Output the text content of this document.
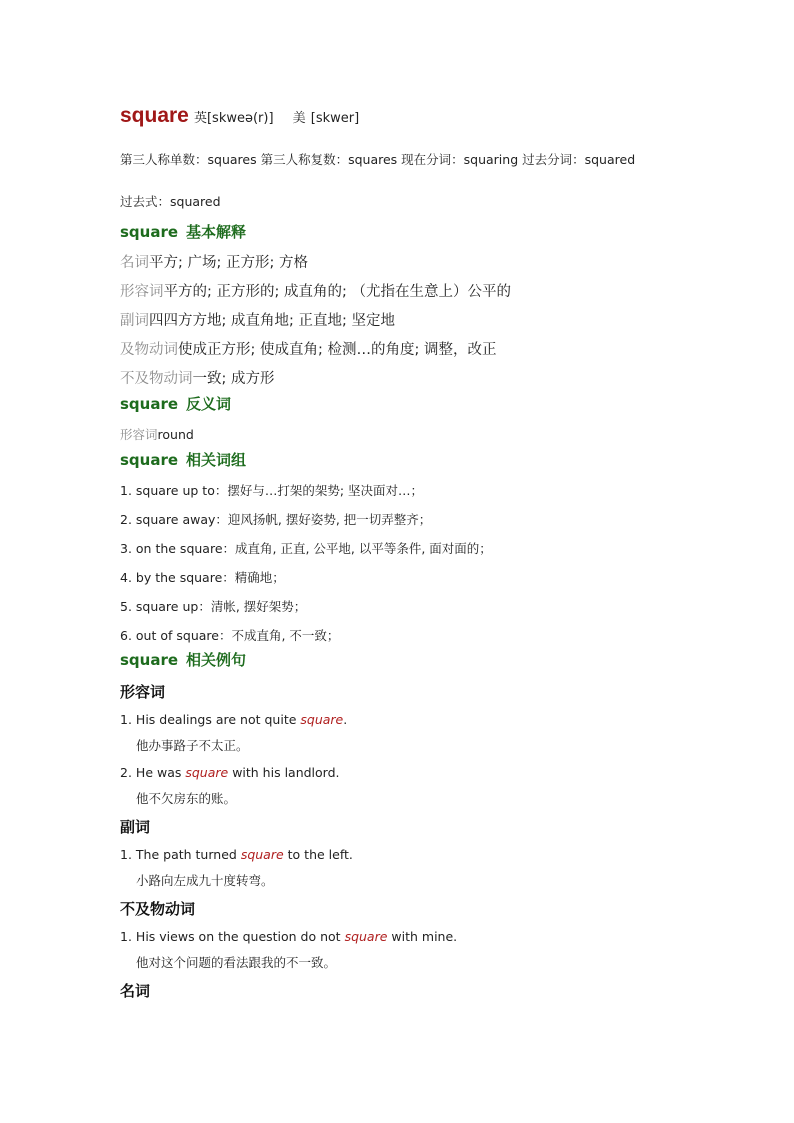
square 英[skweə(r)] 美 [skwer]
第三人称单数：squares 第三人称复数：squares 现在分词：squaring 过去分词：squared
过去式：squared
square 基本解释
名词平方; 广场; 正方形; 方格
形容词平方的; 正方形的; 成直角的; （尤指在生意上）公平的
副词四四方方地; 成直角地; 正直地; 坚定地
及物动词使成正方形; 使成直角; 检测…的角度; 调整，改正
不及物动词一致; 成方形
square 反义词
形容词round
square 相关词组
1. square up to：摆好与…打架的架势; 坚决面对…；
2. square away：迎风扬帆, 摆好姿势, 把一切弄整齐；
3. on the square：成直角, 正直, 公平地, 以平等条件, 面对面的；
4. by the square：精确地；
5. square up：清帐, 摆好架势；
6. out of square：不成直角, 不一致；
square 相关例句
形容词
1. His dealings are not quite square.
他办事路子不太正。
2. He was square with his landlord.
他不欠房东的账。
副词
1. The path turned square to the left.
小路向左成九十度转弯。
不及物动词
1. His views on the question do not square with mine.
他对这个问题的看法跟我的不一致。
名词
